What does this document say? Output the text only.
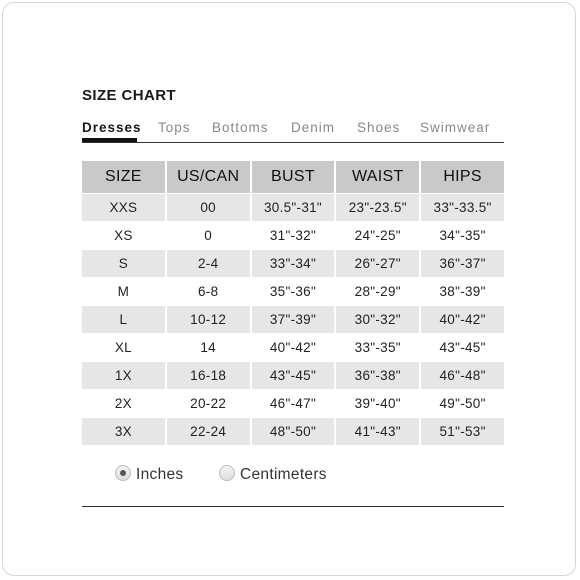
SIZE CHART
Dresses Tops Bottoms Denim Shoes Swimwear
SIZE	US/CAN	BUST	WAIST	HIPS
XXS	00	30.5"-31"	23"-23.5"	33"-33.5"
XS	0	31"-32"	24"-25"	34"-35"
S	2-4	33"-34"	26"-27"	36"-37"
M	6-8	35"-36"	28"-29"	38"-39"
L	10-12	37"-39"	30"-32"	40"-42"
XL	14	40"-42"	33"-35"	43"-45"
1X	16-18	43"-45"	36"-38"	46"-48"
2X	20-22	46"-47"	39"-40"	49"-50"
3X	22-24	48"-50"	41"-43"	51"-53"
Inches	Centimeters
